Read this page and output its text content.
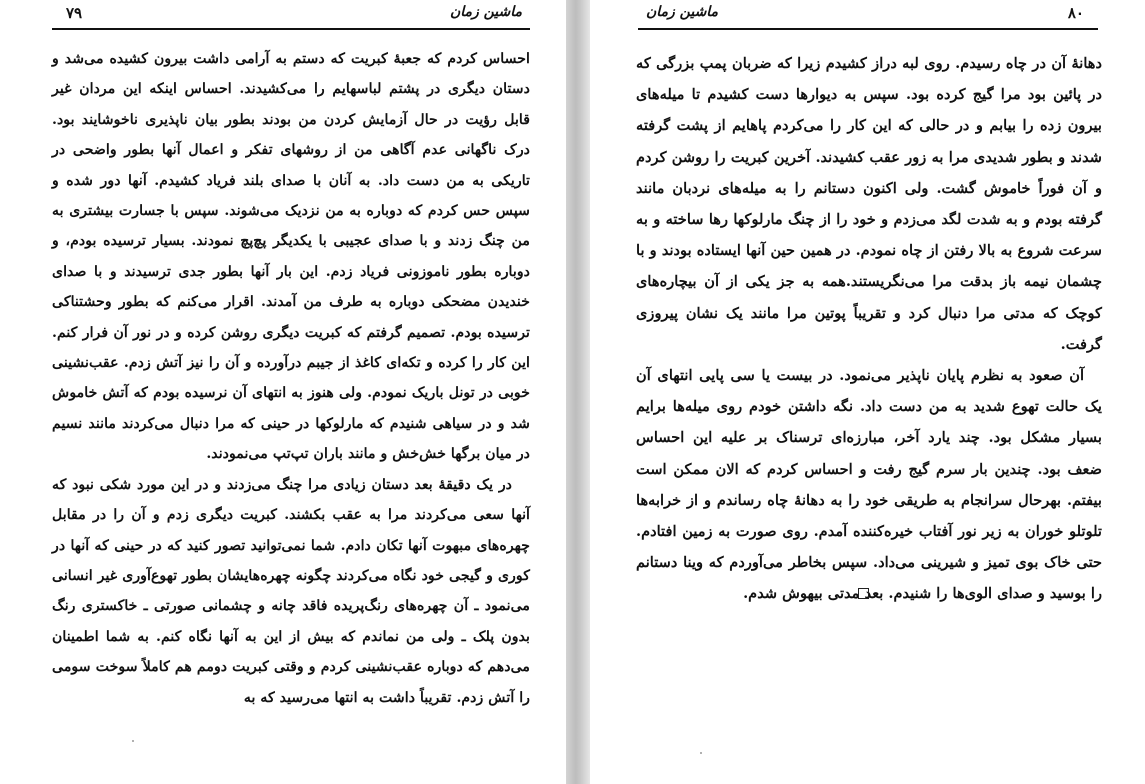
۷۹	ماشین زمان

احساس کردم که جعبهٔ کبریت که دستم به آرامی داشت بیرون کشیده می‌شد و دستان دیگری در پشتم لباسهایم را می‌کشیدند. احساس اینکه این مردان غیر قابل رؤیت در حال آزمایش کردن من بودند بطور بیان ناپذیری ناخوشایند بود. درک ناگهانی عدم آگاهی من از روشهای تفکر و اعمال آنها بطور واضحی در تاریکی به من دست داد. به آنان با صدای بلند فریاد کشیدم. آنها دور شده و سپس حس کردم که دوباره به من نزدیک می‌شوند. سپس با جسارت بیشتری به من چنگ زدند و با صدای عجیبی با یکدیگر پچ‌پچ نمودند. بسیار ترسیده بودم، و دوباره بطور ناموزونی فریاد زدم. این بار آنها بطور جدی ترسیدند و با صدای خندیدن مضحکی دوباره به طرف من آمدند. اقرار می‌کنم که بطور وحشتناکی ترسیده بودم. تصمیم گرفتم که کبریت دیگری روشن کرده و در نور آن فرار کنم. این کار را کرده و تکه‌ای کاغذ از جیبم درآورده و آن را نیز آتش زدم. عقب‌نشینی خوبی در تونل باریک نمودم. ولی هنوز به انتهای آن نرسیده بودم که آتش خاموش شد و در سیاهی شنیدم که مارلوکها در حینی که مرا دنبال می‌کردند مانند نسیم در میان برگها خش‌خش و مانند باران تپ‌تپ می‌نمودند.

در یک دقیقهٔ بعد دستان زیادی مرا چنگ می‌زدند و در این مورد شکی نبود که آنها سعی می‌کردند مرا به عقب بکشند. کبریت دیگری زدم و آن را در مقابل چهره‌های مبهوت آنها تکان دادم. شما نمی‌توانید تصور کنید که در حینی که آنها در کوری و گیجی خود نگاه می‌کردند چگونه چهره‌هایشان بطور تهوع‌آوری غیر انسانی می‌نمود ـ آن چهره‌های رنگ‌پریده فاقد چانه و چشمانی صورتی ـ خاکستری رنگ بدون پلک ـ ولی من نماندم که بیش از این به آنها نگاه کنم. به شما اطمینان می‌دهم که دوباره عقب‌نشینی کردم و وقتی کبریت دومم هم کاملاً سوخت سومی را آتش زدم. تقریباً داشت به انتها می‌رسید که به

۸۰
ماشین زمان

دهانهٔ آن در چاه رسیدم. روی لبه دراز کشیدم زیرا که ضربان پمپ بزرگی که در پائین بود مرا گیج کرده بود. سپس به دیوارها دست کشیدم تا میله‌های بیرون زده را بیابم و در حالی که این کار را می‌کردم پاهایم از پشت گرفته شدند و بطور شدیدی مرا به زور عقب کشیدند. آخرین کبریت را روشن کردم و آن فوراً خاموش گشت. ولی اکنون دستانم را به میله‌های نردبان مانند گرفته بودم و به شدت لگد می‌زدم و خود را از چنگ مارلوکها رها ساخته و به سرعت شروع به بالا رفتن از چاه نمودم. در همین حین آنها ایستاده بودند و با چشمان نیمه باز بدقت مرا می‌نگریستند.همه به جز یکی از آن بیچاره‌های کوچک که مدتی مرا دنبال کرد و تقریباً پوتین مرا مانند یک نشان پیروزی گرفت.

آن صعود به نظرم پایان ناپذیر می‌نمود. در بیست یا سی پایی انتهای آن یک حالت تهوع شدید به من دست داد. نگه داشتن خودم روی میله‌ها برایم بسیار مشکل بود. چند یارد آخر، مبارزه‌ای ترسناک بر علیه این احساس ضعف بود. چندین بار سرم گیج رفت و احساس کردم که الان ممکن است بیفتم. بهرحال سرانجام به طریقی خود را به دهانهٔ چاه رساندم و از خرابه‌ها تلوتلو خوران به زیر نور آفتاب خیره‌کننده آمدم. روی صورت به زمین افتادم. حتی خاک بوی تمیز و شیرینی می‌داد. سپس بخاطر می‌آوردم که وینا دستانم را بوسید و صدای الوی‌ها را شنیدم. بعد مدتی بیهوش شدم.
